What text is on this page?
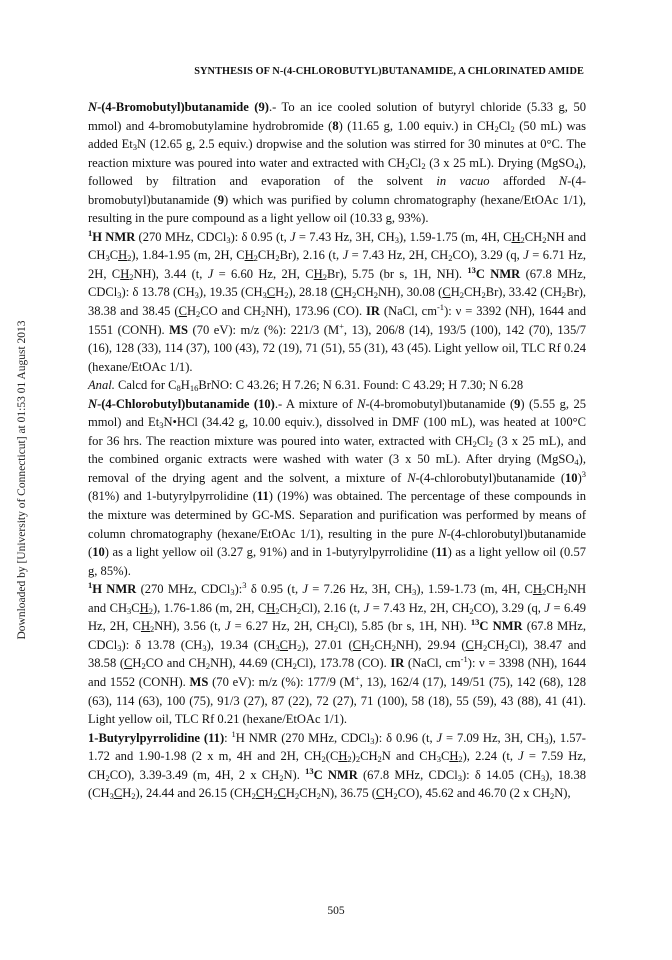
Downloaded by [University of Connecticut] at 01:53 01 August 2013
SYNTHESIS OF N-(4-CHLOROBUTYL)BUTANAMIDE, A CHLORINATED AMIDE

N-(4-Bromobutyl)butanamide (9).- To an ice cooled solution of butyryl chloride (5.33 g, 50 mmol) and 4-bromobutylamine hydrobromide (8) (11.65 g, 1.00 equiv.) in $CH_2Cl_2$ (50 mL) was added $Et_3N$ (12.65 g, 2.5 equiv.) dropwise and the solution was stirred for 30 minutes at 0°C. The reaction mixture was poured into water and extracted with $CH_2Cl_2$ (3 x 25 mL). Drying (MgSO$_4$), followed by filtration and evaporation of the solvent in vacuo afforded N-(4-bromobutyl)butanamide (9) which was purified by column chromatography (hexane/EtOAc 1/1), resulting in the pure compound as a light yellow oil (10.33 g, 93%).

$^1$H NMR (270 MHz, CDCl$_3$): δ 0.95 (t, J = 7.43 Hz, 3H, $CH_3$), 1.59-1.75 (m, 4H, $CH_2CH_2NH$ and $CH_3CH_2$), 1.84-1.95 (m, 2H, $CH_2CH_2Br$), 2.16 (t, J = 7.43 Hz, 2H, $CH_2CO$), 3.29 (q, J = 6.71 Hz, 2H, $CH_2NH$), 3.44 (t, J = 6.60 Hz, 2H, $CH_2Br$), 5.75 (br s, 1H, NH). $^{13}$C NMR (67.8 MHz, CDCl$_3$): δ 13.78 $(CH_3)$, 19.35 $(CH_3CH_2)$, 28.18 $(CH_2CH_2NH)$, 30.08 $(CH_2CH_2Br)$, 33.42 $(CH_2Br)$, 38.38 and 38.45 ($CH_2CO$ and $CH_2NH$), 173.96 (CO). IR (NaCl, $cm^{-1}$): ν = 3392 (NH), 1644 and 1551 (CONH). MS (70 eV): m/z (%): 221/3 (M+, 13), 206/8 (14), 193/5 (100), 142 (70), 135/7 (16), 128 (33), 114 (37), 100 (43), 72 (19), 71 (51), 55 (31), 43 (45). Light yellow oil, TLC Rf 0.24 (hexane/EtOAc 1/1).

Anal. Calcd for $C_8H_{16}BrNO$: C 43.26; H 7.26; N 6.31. Found: C 43.29; H 7.30; N 6.28

N-(4-Chlorobutyl)butanamide (10).- A mixture of N-(4-bromobutyl)butanamide (9) (5.55 g, 25 mmol) and $Et_3N•HCl$ (34.42 g, 10.00 equiv.), dissolved in DMF (100 mL), was heated at 100°C for 36 hrs. The reaction mixture was poured into water, extracted with $CH_2Cl_2$ (3 x 25 mL), and the combined organic extracts were washed with water (3 x 50 mL). After drying (MgSO$_4$), removal of the drying agent and the solvent, a mixture of N-(4-chlorobutyl)butanamide $(10)^3$ (81%) and 1-butyrylpyrrolidine (11) (19%) was obtained. The percentage of these compounds in the mixture was determined by GC-MS. Separation and purification was performed by means of column chromatography (hexane/EtOAc 1/1), resulting in the pure N-(4-chlorobutyl)butanamide (10) as a light yellow oil (3.27 g, 91%) and in 1-butyrylpyrrolidine (11) as a light yellow oil (0.57 g, 85%).

$^1$H NMR (270 MHz, CDCl$_3$):$^3$ δ 0.95 (t, J = 7.26 Hz, 3H, $CH_3$), 1.59-1.73 (m, 4H, $CH_2CH_2NH$ and $CH_3CH_2$), 1.76-1.86 (m, 2H, $CH_2CH_2Cl$), 2.16 (t, J = 7.43 Hz, 2H, $CH_2CO$), 3.29 (q, J = 6.49 Hz, 2H, $CH_2NH$), 3.56 (t, J = 6.27 Hz, 2H, $CH_2Cl$), 5.85 (br s, 1H, NH). $^{13}$C NMR (67.8 MHz, CDCl$_3$): δ 13.78 $(CH_3)$, 19.34 $(CH_3CH_2)$, 27.01 $(CH_2CH_2NH)$, 29.94 $(CH_2CH_2Cl)$, 38.47 and 38.58 ($CH_2CO$ and $CH_2NH$), 44.69 $(CH_2Cl)$, 173.78 (CO). IR (NaCl, $cm^{-1}$): ν = 3398 (NH), 1644 and 1552 (CONH). MS (70 eV): m/z (%): 177/9 (M+, 13), 162/4 (17), 149/51 (75), 142 (68), 128 (63), 114 (63), 100 (75), 91/3 (27), 87 (22), 72 (27), 71 (100), 58 (18), 55 (59), 43 (88), 41 (41). Light yellow oil, TLC Rf 0.21 (hexane/EtOAc 1/1).

1-Butyrylpyrrolidine (11): $^1$H NMR (270 MHz, CDCl$_3$): δ 0.96 (t, J = 7.09 Hz, 3H, $CH_3$), 1.57-1.72 and 1.90-1.98 (2 x m, 4H and 2H, $CH_2(CH_2)_2CH_2N$ and $CH_3CH_2$), 2.24 (t, J = 7.59 Hz, $CH_2CO$), 3.39-3.49 (m, 4H, 2 x $CH_2N$). $^{13}$C NMR (67.8 MHz, CDCl$_3$): δ 14.05 $(CH_3)$, 18.38 $(CH_3CH_2)$, 24.44 and 26.15 $(CH_2CH_2CH_2CH_2N)$, 36.75 $(CH_2CO)$, 45.62 and 46.70 (2 x $CH_2N$),

505
